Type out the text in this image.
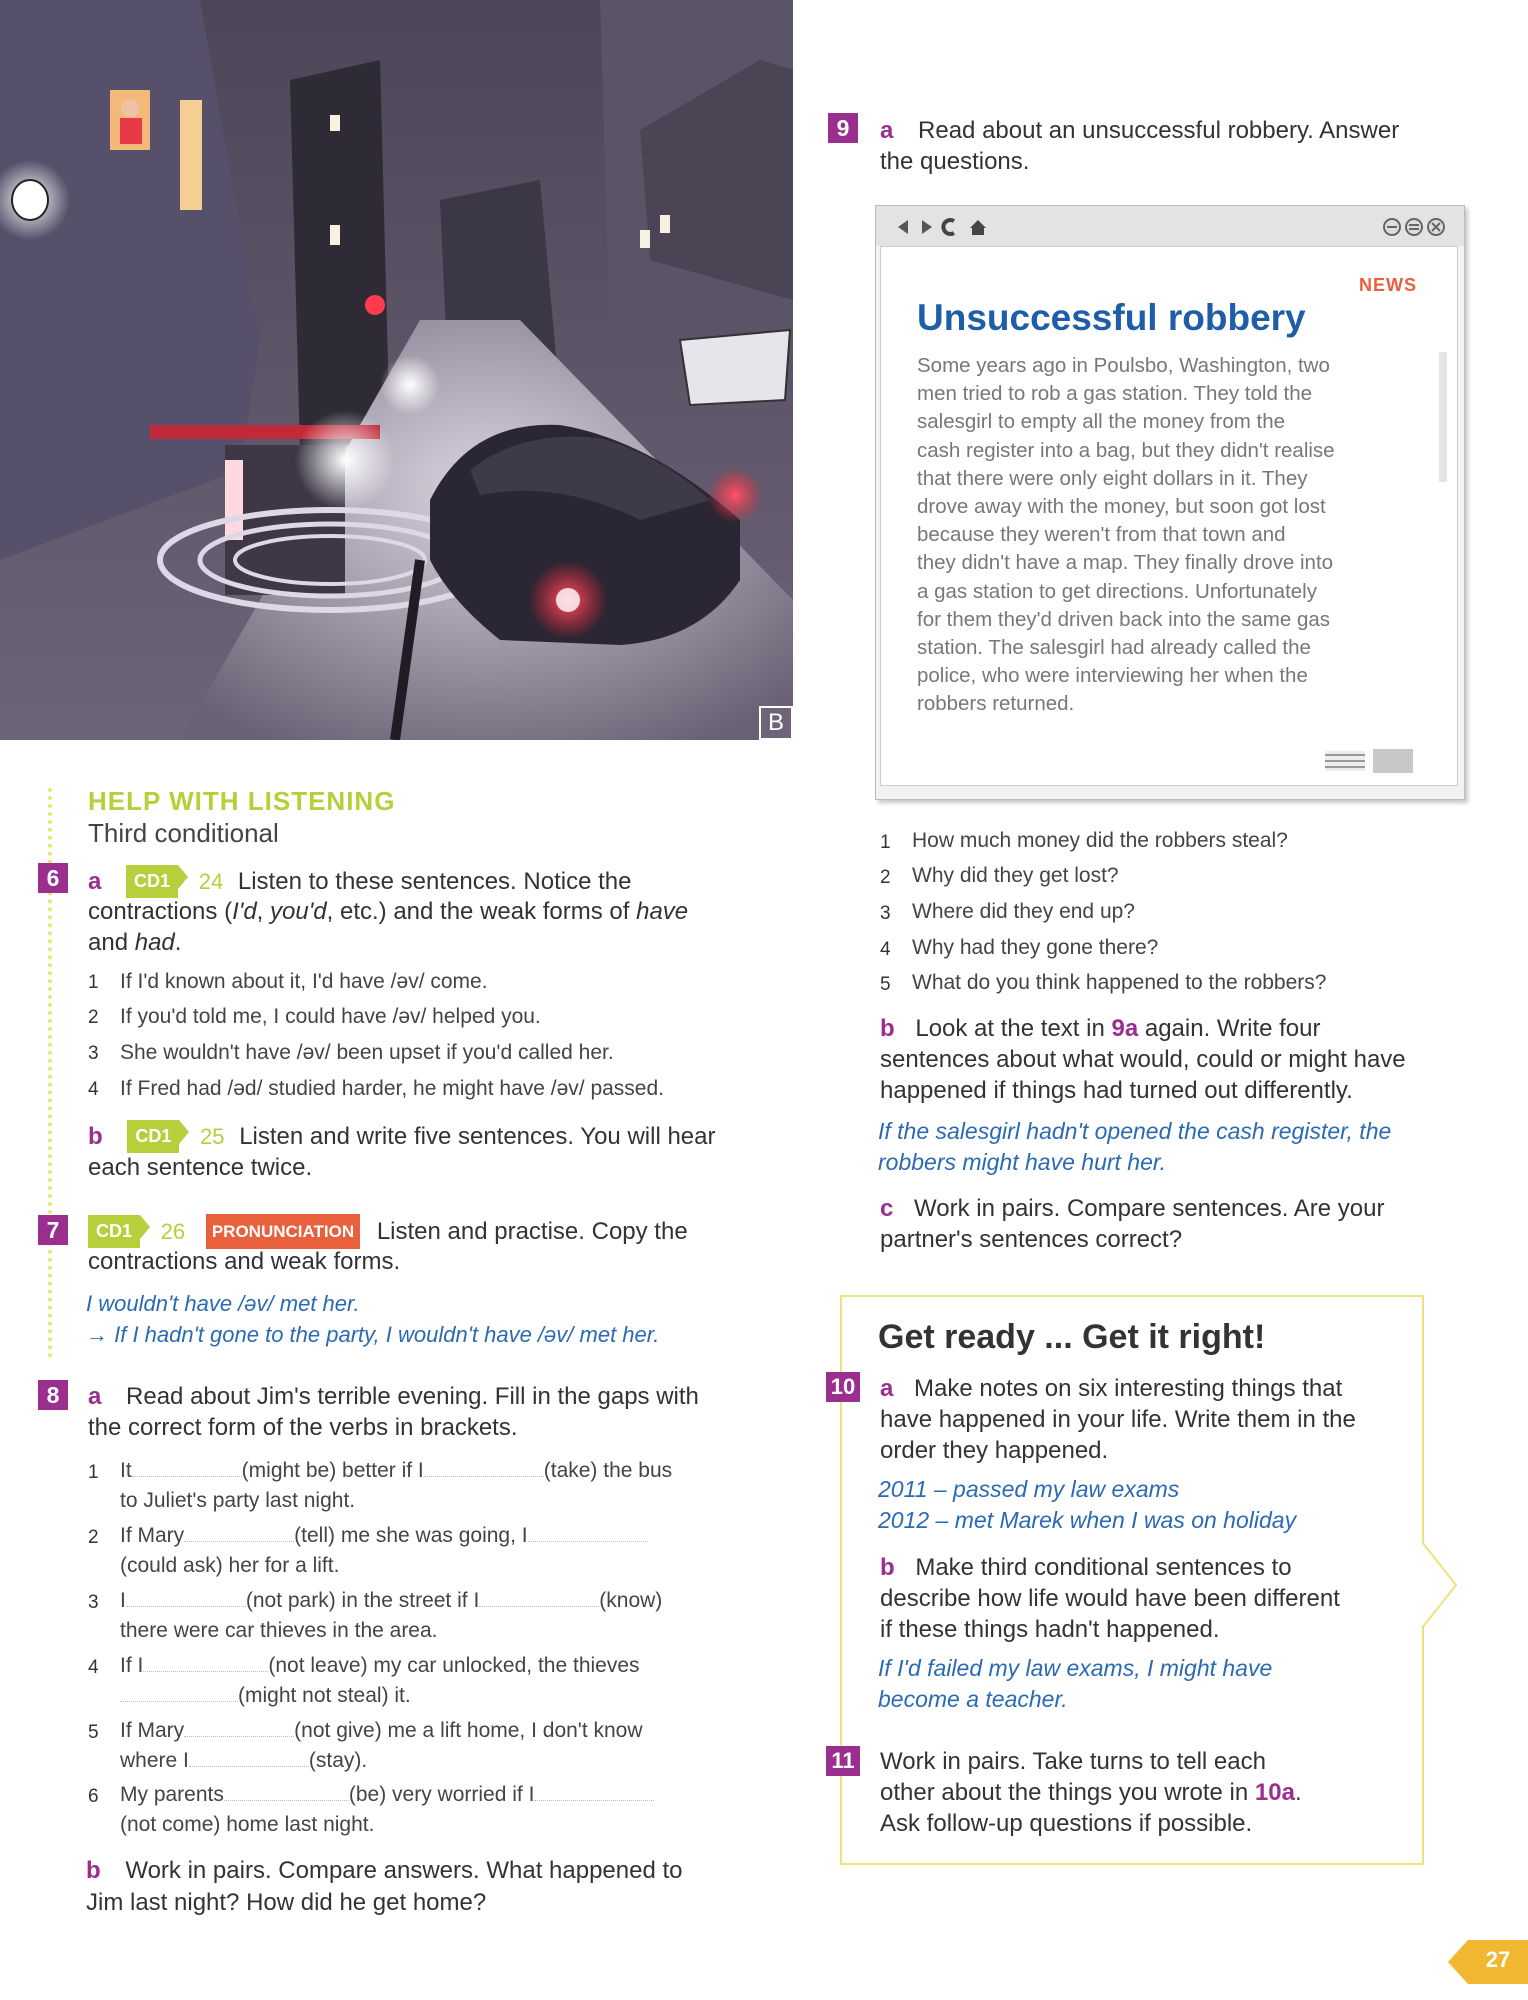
B
HELP WITH LISTENING
Third conditional
6	a CD1 24 Listen to these sentences. Notice the
contractions (I'd, you'd, etc.) and the weak forms of have
and had.
1 If I'd known about it, I'd have /əv/ come.
2 If you'd told me, I could have /əv/ helped you.
3 She wouldn't have /əv/ been upset if you'd called her.
4 If Fred had /əd/ studied harder, he might have /əv/ passed.
b CD1 25 Listen and write five sentences. You will hear
each sentence twice.
7	CD1 26 PRONUNCIATION Listen and practise. Copy the
contractions and weak forms.
I wouldn't have /əv/ met her.
→ If I hadn't gone to the party, I wouldn't have /əv/ met her.
8	a Read about Jim's terrible evening. Fill in the gaps with
the correct form of the verbs in brackets.
1 It	(might be) better if I	(take) the bus
to Juliet's party last night.
2 If Mary	(tell) me she was going, I
(could ask) her for a lift.
3 I	(not park) in the street if I	(know)
there were car thieves in the area.
4 If I	(not leave) my car unlocked, the thieves
(might not steal) it.
5 If Mary	(not give) me a lift home, I don't know
where I	(stay).
6 My parents	(be) very worried if I
(not come) home last night.
b Work in pairs. Compare answers. What happened to
Jim last night? How did he get home?
9	a Read about an unsuccessful robbery. Answer
the questions.
NEWS
Unsuccessful robbery
Some years ago in Poulsbo, Washington, two
men tried to rob a gas station. They told the
salesgirl to empty all the money from the
cash register into a bag, but they didn't realise
that there were only eight dollars in it. They
drove away with the money, but soon got lost
because they weren't from that town and
they didn't have a map. They finally drove into
a gas station to get directions. Unfortunately
for them they'd driven back into the same gas
station. The salesgirl had already called the
police, who were interviewing her when the
robbers returned.
1 How much money did the robbers steal?
2 Why did they get lost?
3 Where did they end up?
4 Why had they gone there?
5 What do you think happened to the robbers?
b Look at the text in 9a again. Write four
sentences about what would, could or might have
happened if things had turned out differently.
If the salesgirl hadn't opened the cash register, the
robbers might have hurt her.
c Work in pairs. Compare sentences. Are your
partner's sentences correct?
Get ready ... Get it right!
10 a Make notes on six interesting things that
have happened in your life. Write them in the
order they happened.
2011 – passed my law exams
2012 – met Marek when I was on holiday
b Make third conditional sentences to
describe how life would have been different
if these things hadn't happened.
If I'd failed my law exams, I might have
become a teacher.
11 Work in pairs. Take turns to tell each
other about the things you wrote in 10a.
Ask follow-up questions if possible.
27
